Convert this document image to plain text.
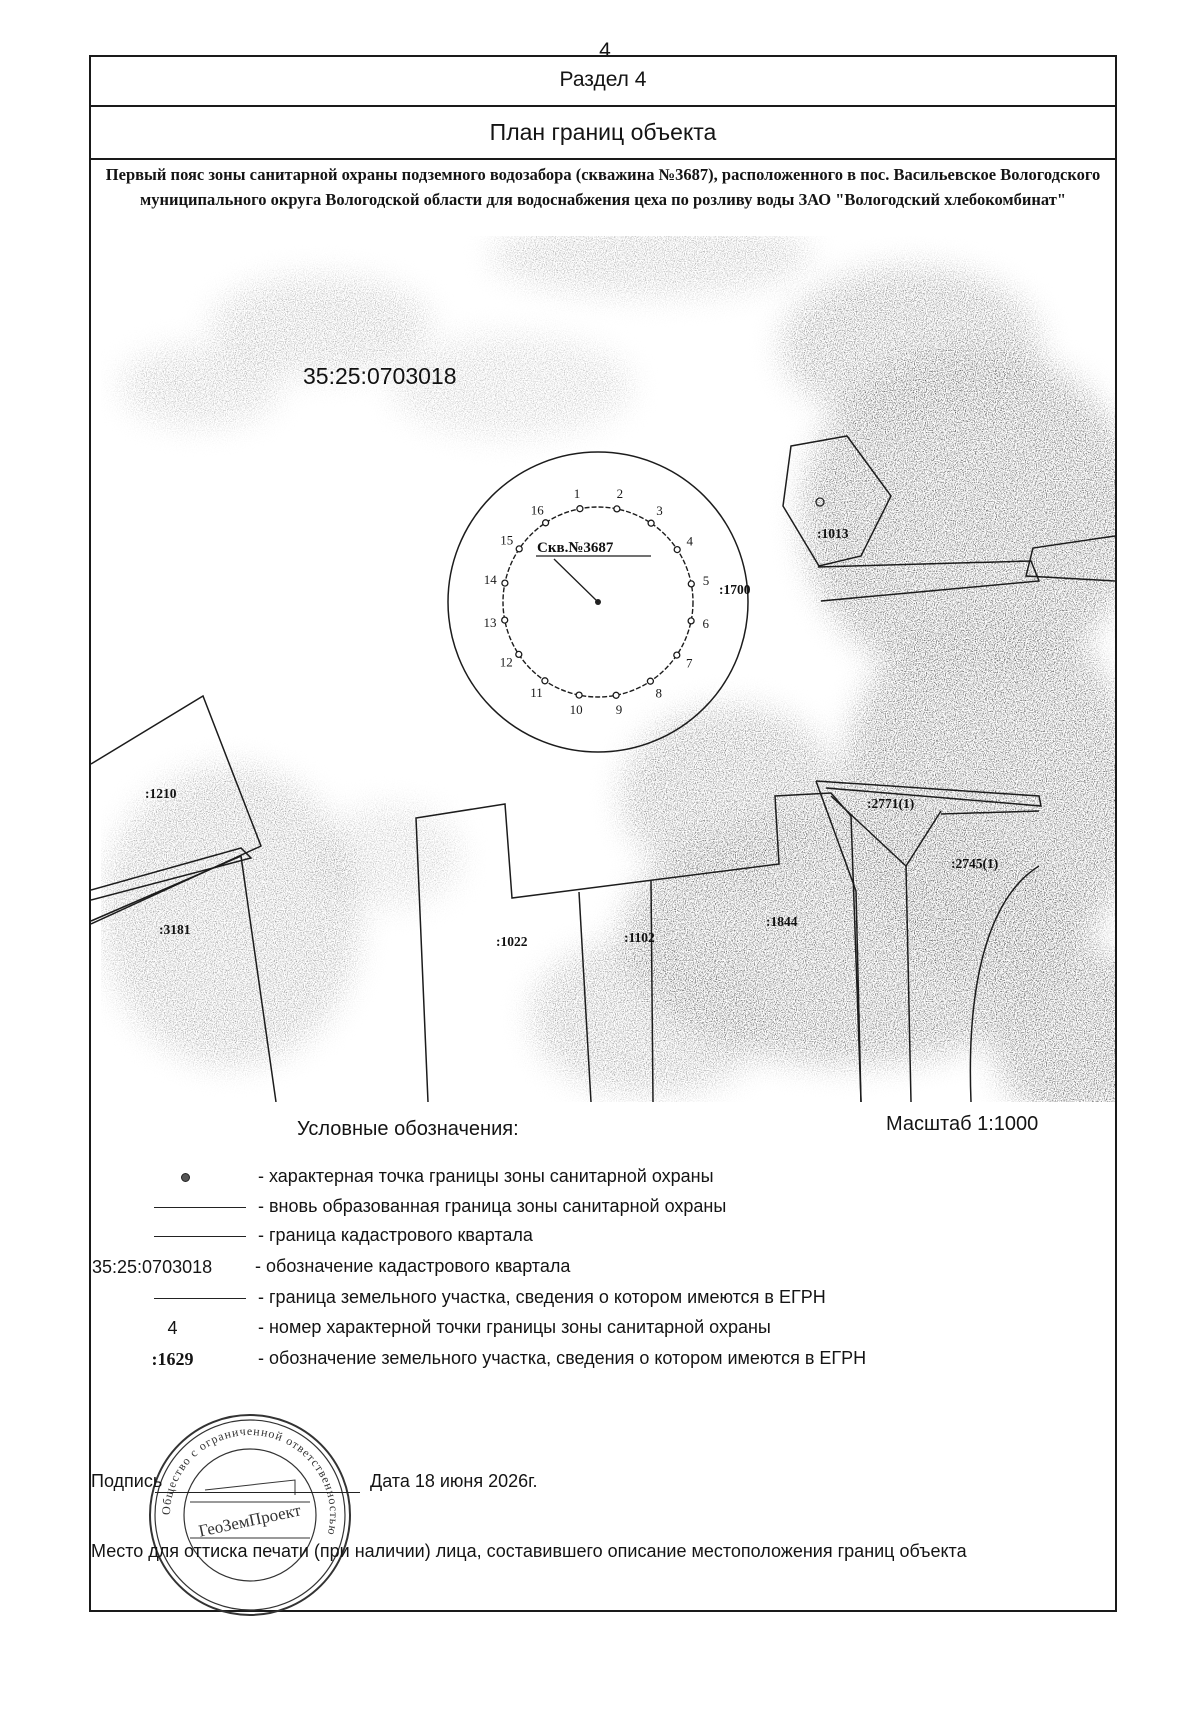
4
Раздел 4
План границ объекта
Первый пояс зоны санитарной охраны подземного водозабора (скважина №3687), расположенного в пос. Васильевское Вологодского муниципального округа Вологодской области для водоснабжения цеха по розливу воды ЗАО "Вологодский хлебокомбинат"
1	2
3
4
5
6
7
8
9
10
11
12
13
14
15
16
35:25:0703018
Скв.№3687
:1013
:1700
:1210
:3181
:1022	:1102
:1844
:2771(1)
:2745(1)
Условные обозначения:	Масштаб 1:1000
- характерная точка границы зоны санитарной охраны
- вновь образованная граница зоны санитарной охраны
- граница кадастрового квартала
35:25:0703018	- обозначение кадастрового квартала
- граница земельного участка, сведения о котором имеются в ЕГРН
4	- номер характерной точки границы зоны санитарной охраны
:1629	- обозначение земельного участка, сведения о котором имеются в ЕГРН
Общество с ограниченной ответственностью
ГеоЗемПроект
Подпись	Дата 18 июня 2026г.
Место для оттиска печати (при наличии) лица, составившего описание местоположения границ объекта
